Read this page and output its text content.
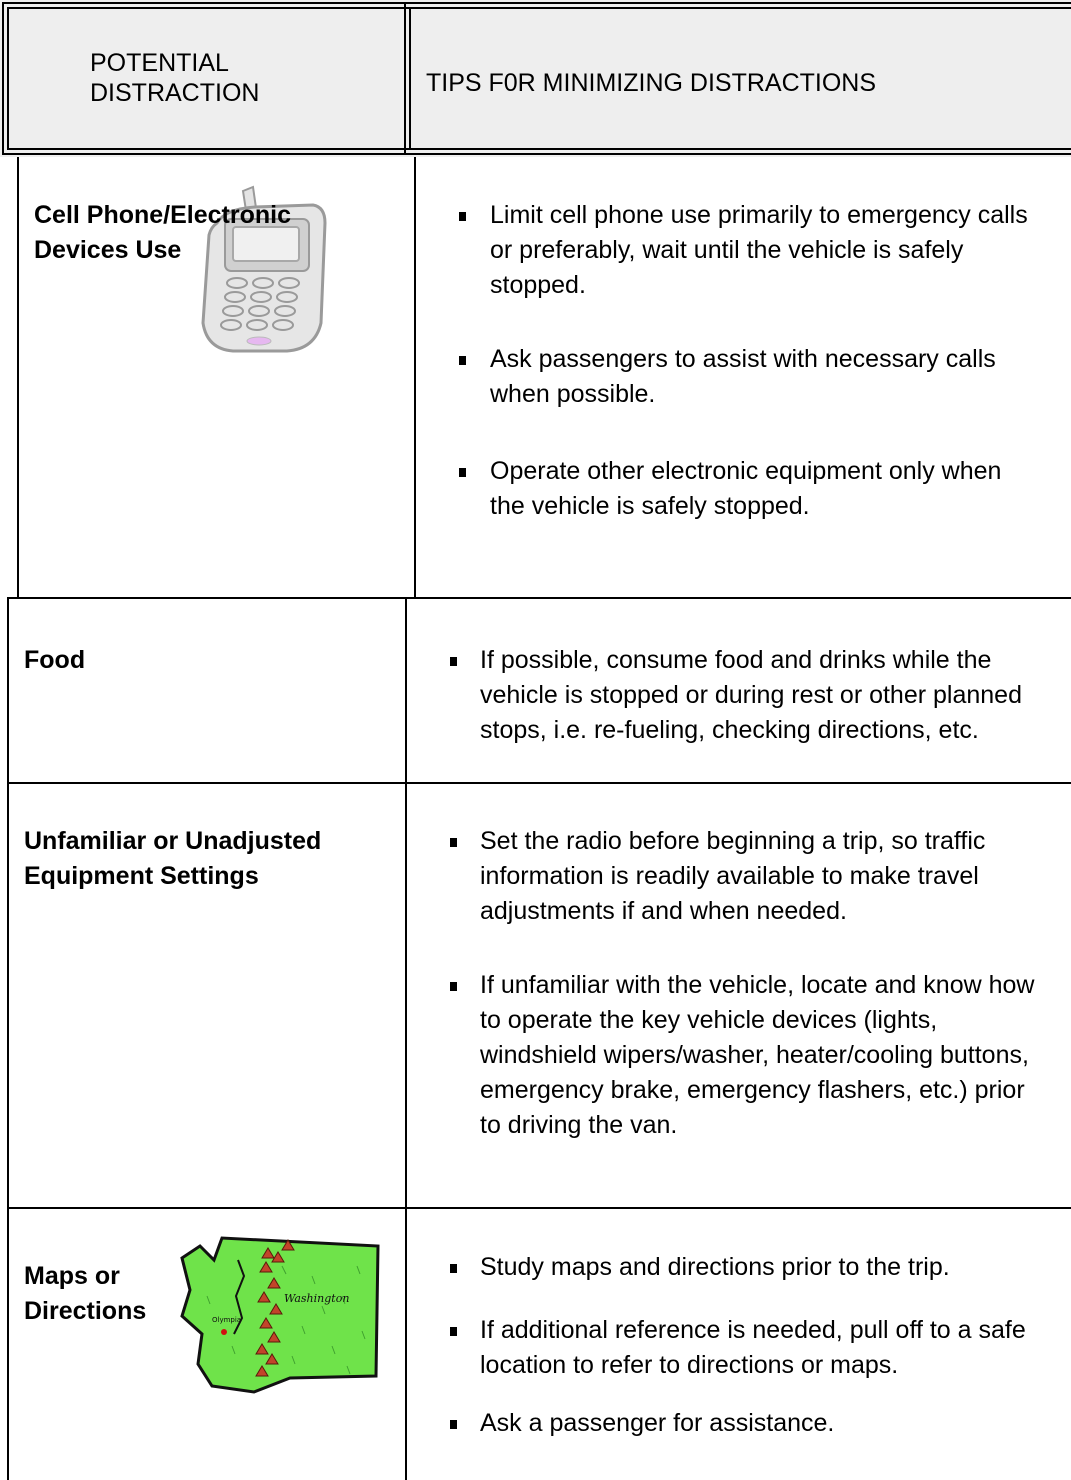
POTENTIAL
DISTRACTION	TIPS F0R MINIMIZING DISTRACTIONS
Cell Phone/Electronic
Devices Use
Limit cell phone use primarily to emergency calls
or preferably, wait until the vehicle is safely
stopped.
Ask passengers to assist with necessary calls
when possible.
Operate other electronic equipment only when
the vehicle is safely stopped.
Food	If possible, consume food and drinks while the
vehicle is stopped or during rest or other planned
stops, i.e. re-fueling, checking directions, etc.
Unfamiliar or Unadjusted
Equipment Settings
Set the radio before beginning a trip, so traffic
information is readily available to make travel
adjustments if and when needed.
If unfamiliar with the vehicle, locate and know how
to operate the key vehicle devices (lights,
windshield wipers/washer, heater/cooling buttons,
emergency brake, emergency flashers, etc.) prior
to driving the van.
Washington
Olympia
Maps or
Directions
Study maps and directions prior to the trip.
If additional reference is needed, pull off to a safe
location to refer to directions or maps.
Ask a passenger for assistance.
